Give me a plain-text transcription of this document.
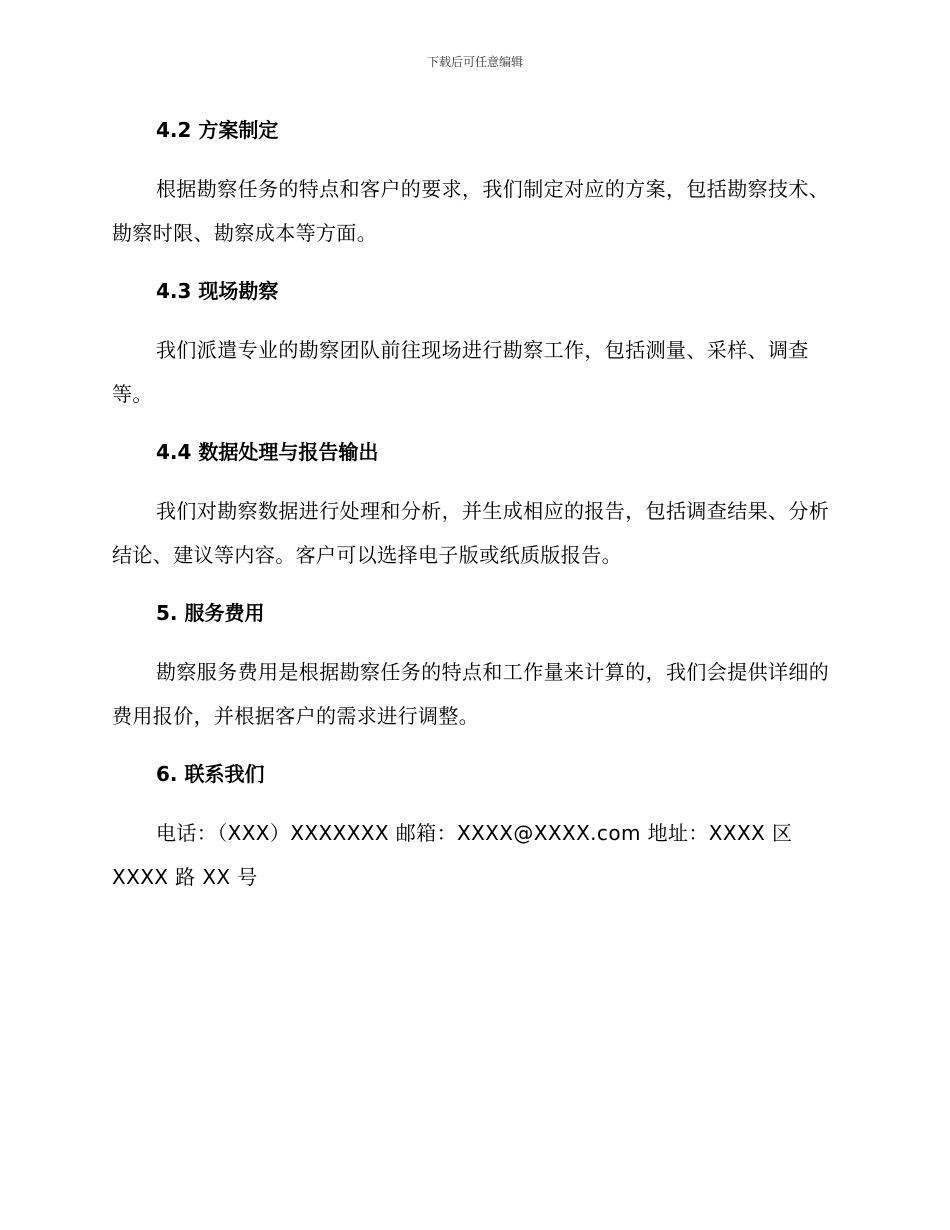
下载后可任意编辑
4.2 方案制定

根据勘察任务的特点和客户的要求，我们制定对应的方案，包括勘察技术、勘察时限、勘察成本等方面。

4.3 现场勘察

我们派遣专业的勘察团队前往现场进行勘察工作，包括测量、采样、调查等。

4.4 数据处理与报告输出

我们对勘察数据进行处理和分析，并生成相应的报告，包括调查结果、分析结论、建议等内容。客户可以选择电子版或纸质版报告。

5. 服务费用

勘察服务费用是根据勘察任务的特点和工作量来计算的，我们会提供详细的费用报价，并根据客户的需求进行调整。

6. 联系我们

电话：（XXX）XXXXXXX 邮箱：XXXX@XXXX.com 地址：XXXX 区 XXXX 路 XX 号
